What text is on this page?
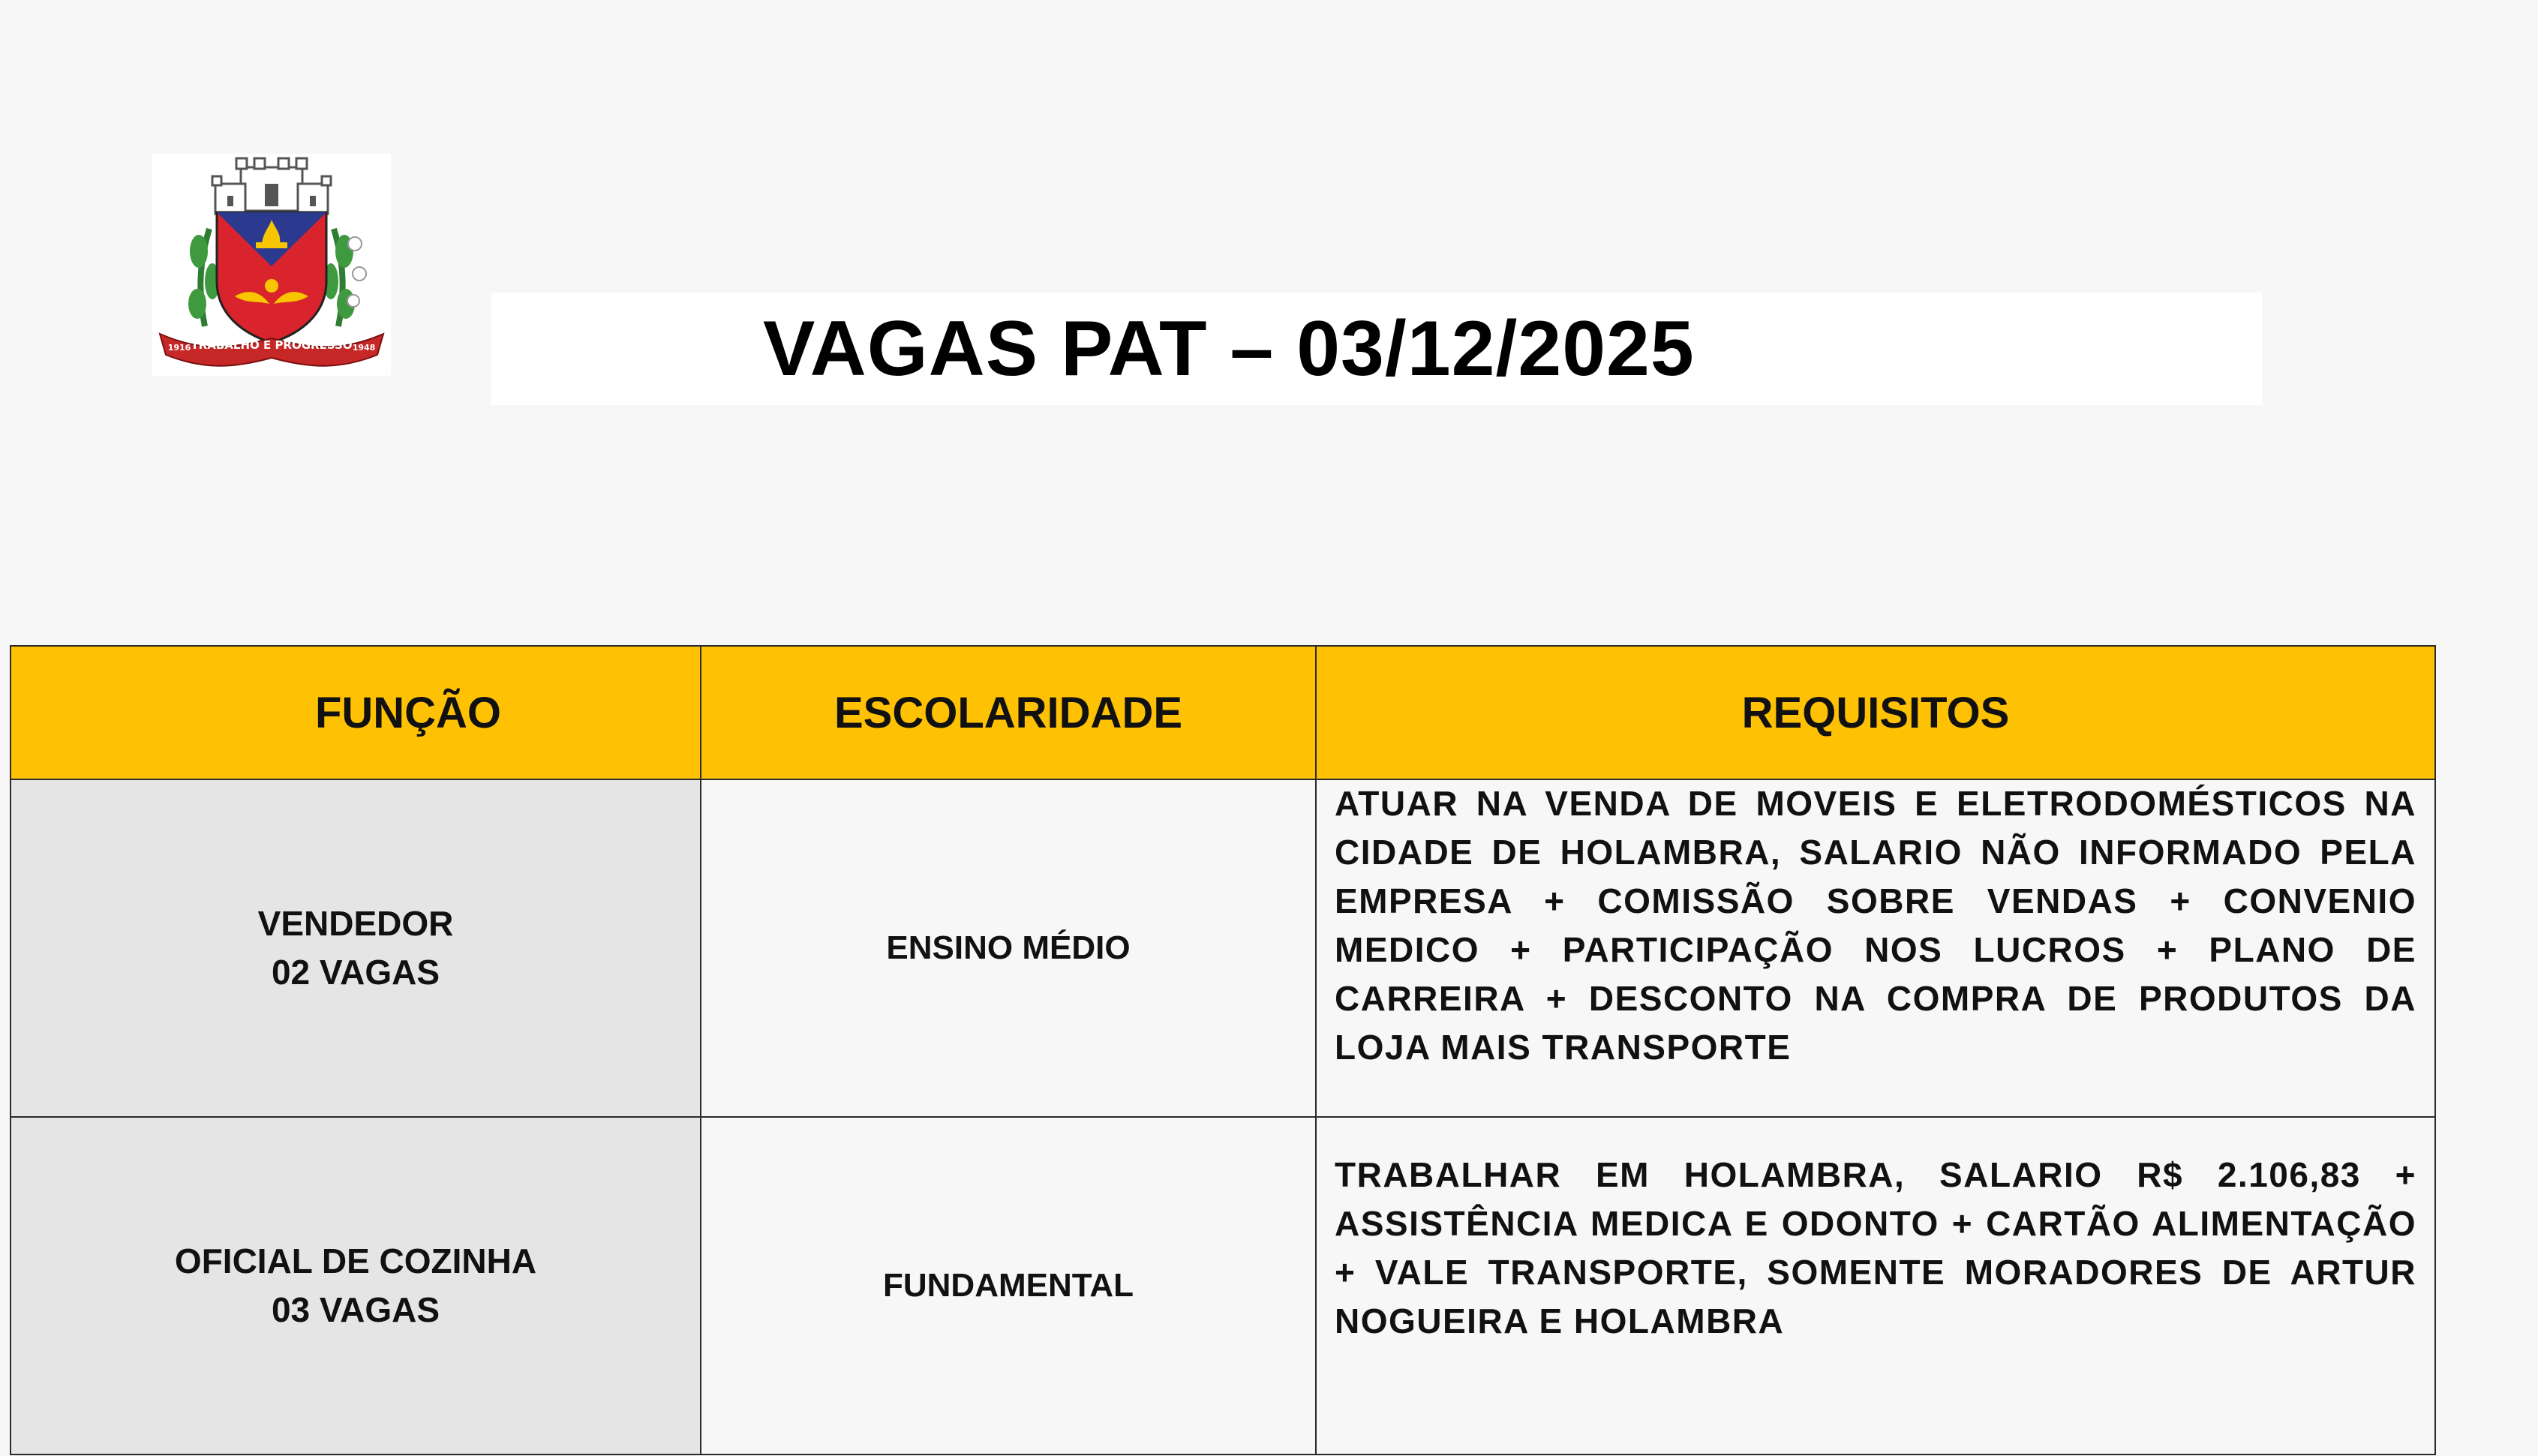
TRABALHO E PROGRESSO
1916	1948	VAGAS PAT – 03/12/2025
FUNÇÃO	ESCOLARIDADE	REQUISITOS

VENDEDOR
02 VAGAS	ENSINO MÉDIO	ATUAR NA VENDA DE MOVEIS E ELETRODOMÉSTICOS NA CIDADE DE HOLAMBRA, SALARIO NÃO INFORMADO PELA EMPRESA + COMISSÃO SOBRE VENDAS + CONVENIO MEDICO + PARTICIPAÇÃO NOS LUCROS + PLANO DE CARREIRA + DESCONTO NA COMPRA DE PRODUTOS DA LOJA MAIS TRANSPORTE

OFICIAL DE COZINHA
03 VAGAS	FUNDAMENTAL	TRABALHAR EM HOLAMBRA, SALARIO R$ 2.106,83 + ASSISTÊNCIA MEDICA E ODONTO + CARTÃO ALIMENTAÇÃO + VALE TRANSPORTE, SOMENTE MORADORES DE ARTUR NOGUEIRA E HOLAMBRA
